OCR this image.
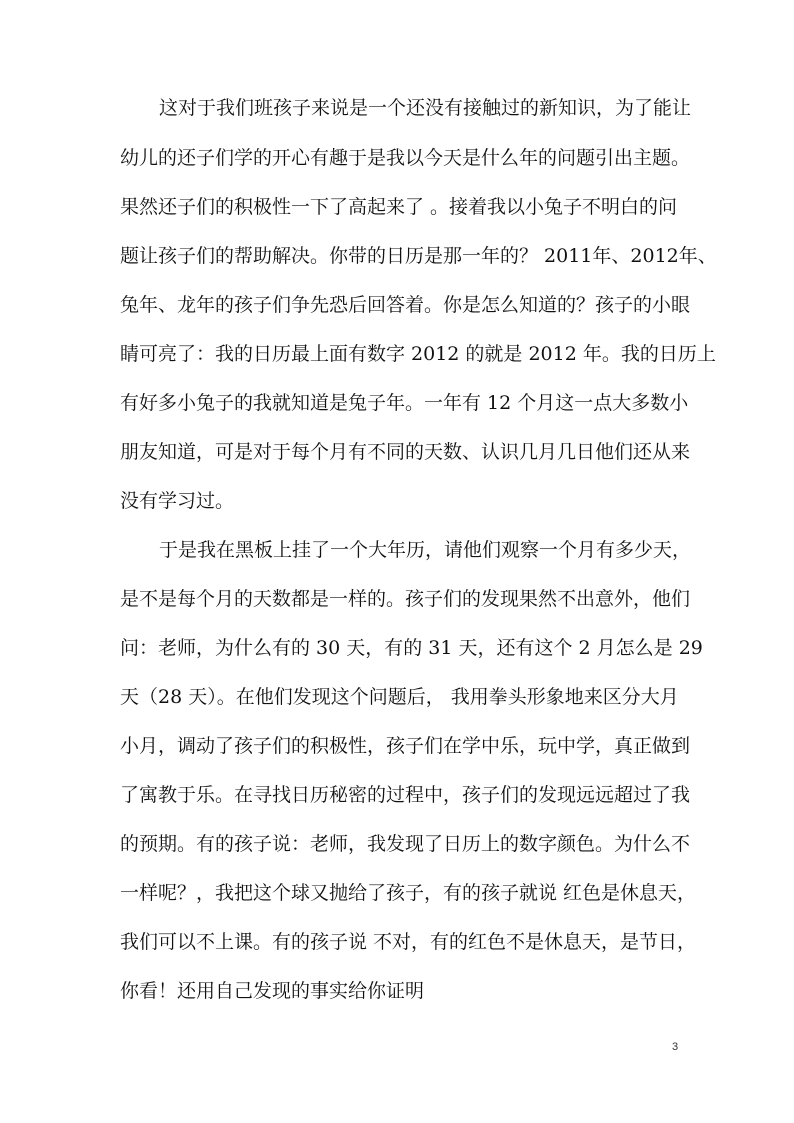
这对于我们班孩子来说是一个还没有接触过的新知识，为了能让
幼儿的还子们学的开心有趣于是我以今天是什么年的问题引出主题。
果然还子们的积极性一下了高起来了 。接着我以小兔子不明白的问
题让孩子们的帮助解决。你带的日历是那一年的？ 2011年、2012年、
兔年、龙年的孩子们争先恐后回答着。你是怎么知道的？孩子的小眼
睛可亮了：我的日历最上面有数字 2012 的就是 2012 年。我的日历上
有好多小兔子的我就知道是兔子年。一年有 12 个月这一点大多数小
朋友知道，可是对于每个月有不同的天数、认识几月几日他们还从来
没有学习过。
于是我在黑板上挂了一个大年历，请他们观察一个月有多少天，
是不是每个月的天数都是一样的。孩子们的发现果然不出意外，他们
问：老师，为什么有的 30 天，有的 31 天，还有这个 2 月怎么是 29
天（28 天）。在他们发现这个问题后， 我用拳头形象地来区分大月
小月，调动了孩子们的积极性，孩子们在学中乐，玩中学，真正做到
了寓教于乐。在寻找日历秘密的过程中，孩子们的发现远远超过了我
的预期。有的孩子说：老师，我发现了日历上的数字颜色。为什么不
一样呢？，我把这个球又抛给了孩子，有的孩子就说 红色是休息天，
我们可以不上课。有的孩子说 不对，有的红色不是休息天，是节日，
你看！还用自己发现的事实给你证明
3
